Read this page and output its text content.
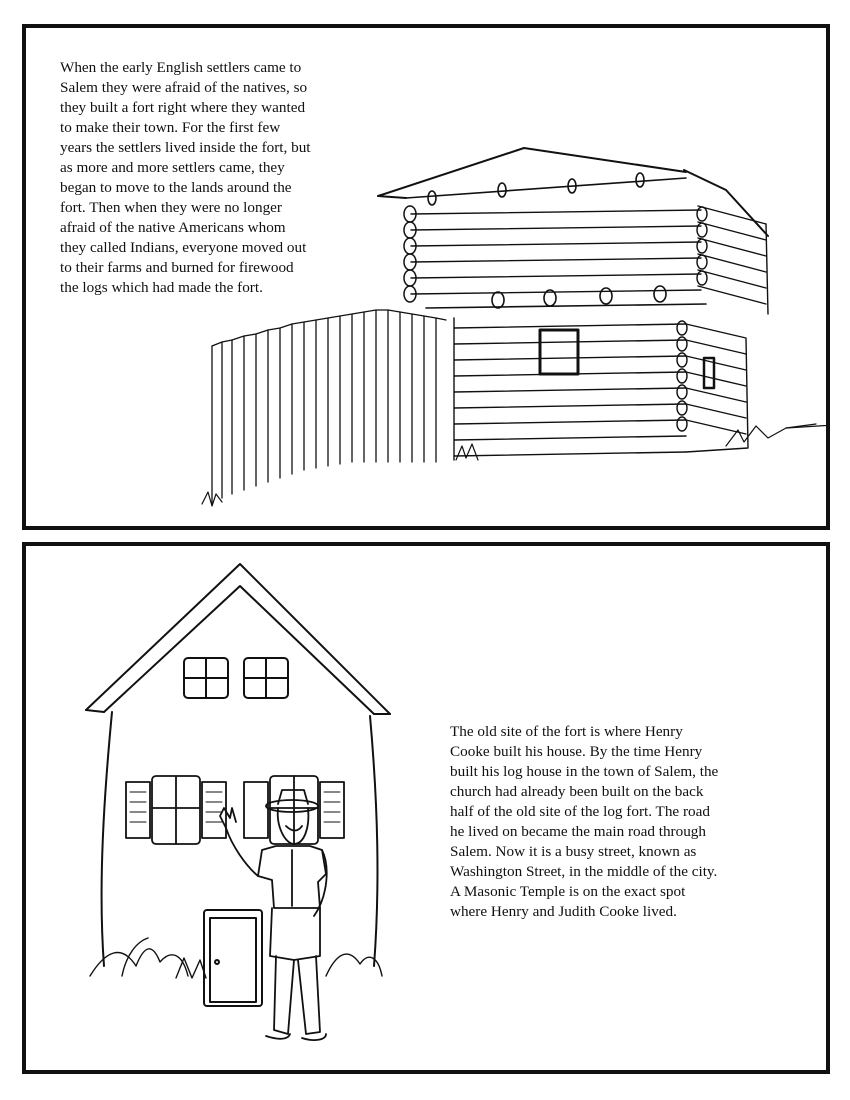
When the early English settlers came to
Salem they were afraid of the natives, so
they built a fort right where they wanted
to make their town. For the first few
years the settlers lived inside the fort, but
as more and more settlers came, they
began to move to the lands around the
fort. Then when they were no longer
afraid of the native Americans whom
they called Indians, everyone moved out
to their farms and burned for firewood
the logs which had made the fort.

The old site of the fort is where Henry
Cooke built his house. By the time Henry
built his log house in the town of Salem, the
church had already been built on the back
half of the old site of the log fort. The road
he lived on became the main road through
Salem. Now it is a busy street, known as
Washington Street, in the middle of the city.
A Masonic Temple is on the exact spot
where Henry and Judith Cooke lived.
